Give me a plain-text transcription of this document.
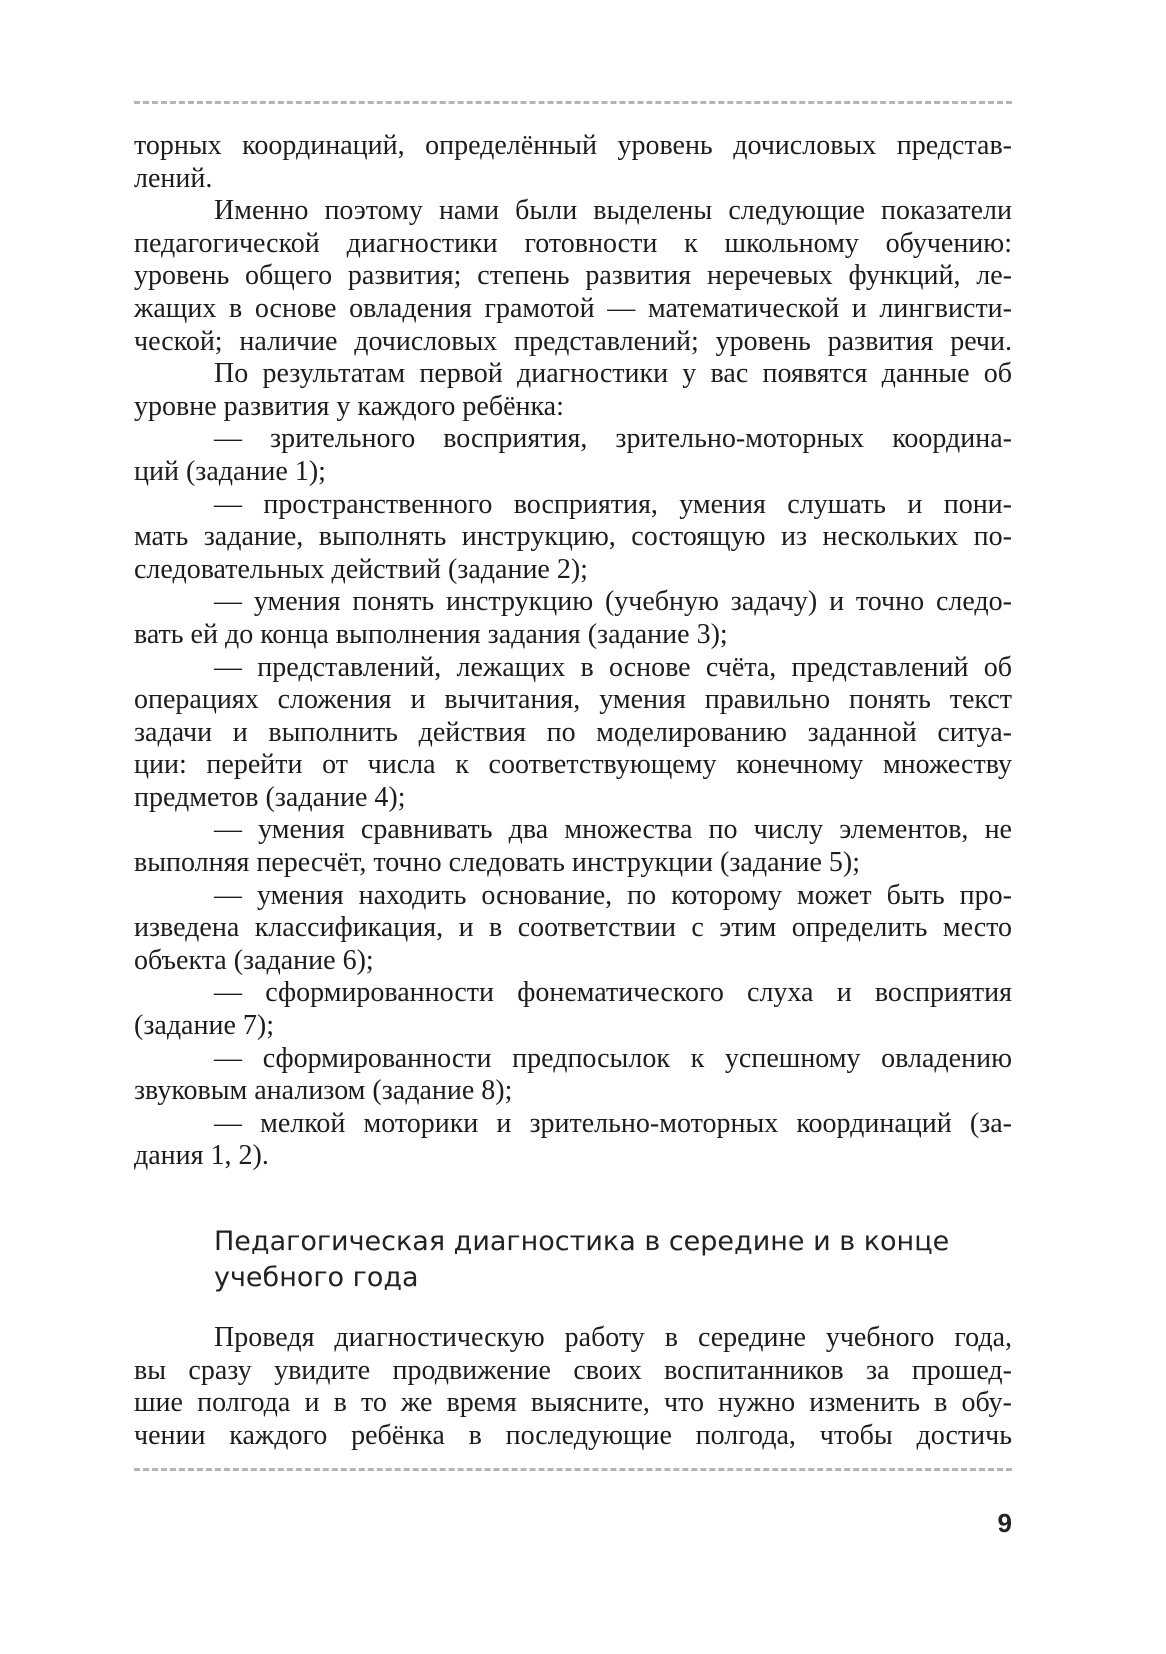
торных координаций, определённый уровень дочисловых представ-
лений.
Именно поэтому нами были выделены следующие показатели
педагогической диагностики готовности к школьному обучению:
уровень общего развития; степень развития неречевых функций, ле-
жащих в основе овладения грамотой — математической и лингвисти-
ческой; наличие дочисловых представлений; уровень развития речи.
По результатам первой диагностики у вас появятся данные об
уровне развития у каждого ребёнка:
— зрительного восприятия, зрительно-моторных координа-
ций (задание 1);
— пространственного восприятия, умения слушать и пони-
мать задание, выполнять инструкцию, состоящую из нескольких по-
следовательных действий (задание 2);
— умения понять инструкцию (учебную задачу) и точно следо-
вать ей до конца выполнения задания (задание 3);
— представлений, лежащих в основе счёта, представлений об
операциях сложения и вычитания, умения правильно понять текст
задачи и выполнить действия по моделированию заданной ситуа-
ции: перейти от числа к соответствующему конечному множеству
предметов (задание 4);
— умения сравнивать два множества по числу элементов, не
выполняя пересчёт, точно следовать инструкции (задание 5);
— умения находить основание, по которому может быть про-
изведена классификация, и в соответствии с этим определить место
объекта (задание 6);
— сформированности фонематического слуха и восприятия
(задание 7);
— сформированности предпосылок к успешному овладению
звуковым анализом (задание 8);
— мелкой моторики и зрительно-моторных координаций (за-
дания 1, 2).
Педагогическая диагностика в середине и в конце
учебного года
Проведя диагностическую работу в середине учебного года,
вы сразу увидите продвижение своих воспитанников за прошед-
шие полгода и в то же время выясните, что нужно изменить в обу-
чении каждого ребёнка в последующие полгода, чтобы достичь
9
